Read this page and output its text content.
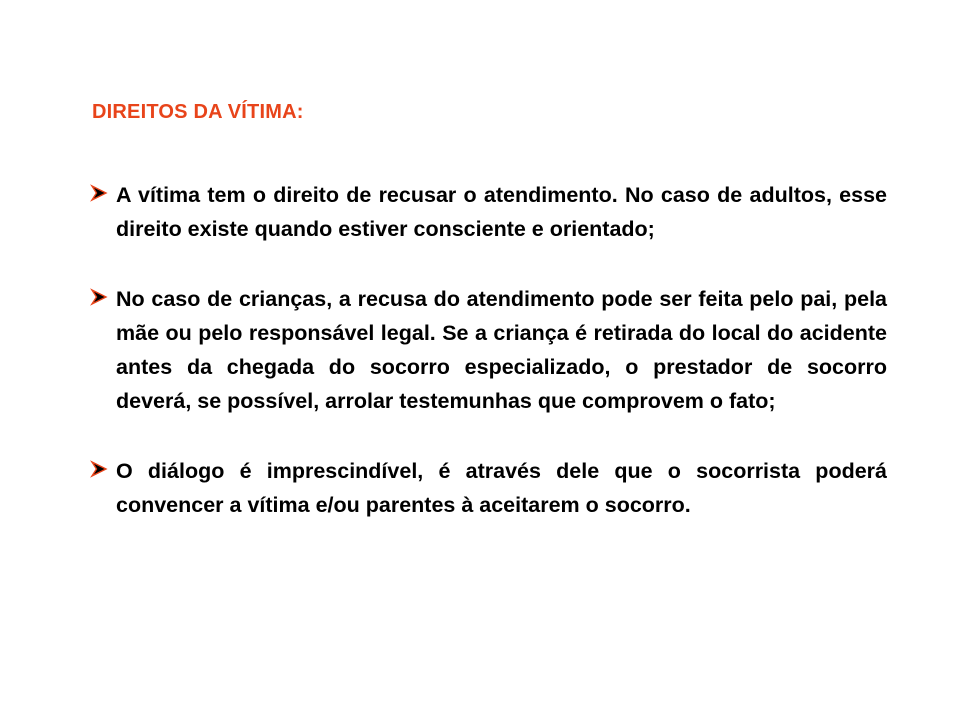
DIREITOS DA VÍTIMA:
A vítima tem o direito de recusar o atendimento. No caso de adultos, esse direito existe quando estiver consciente e orientado;
No caso de crianças, a recusa do atendimento pode ser feita pelo pai, pela mãe ou pelo responsável legal. Se a criança é retirada do local do acidente antes da chegada do socorro especializado, o prestador de socorro deverá, se possível, arrolar testemunhas que comprovem o fato;
O diálogo é imprescindível, é através dele que o socorrista poderá convencer a vítima e/ou parentes à aceitarem o socorro.
